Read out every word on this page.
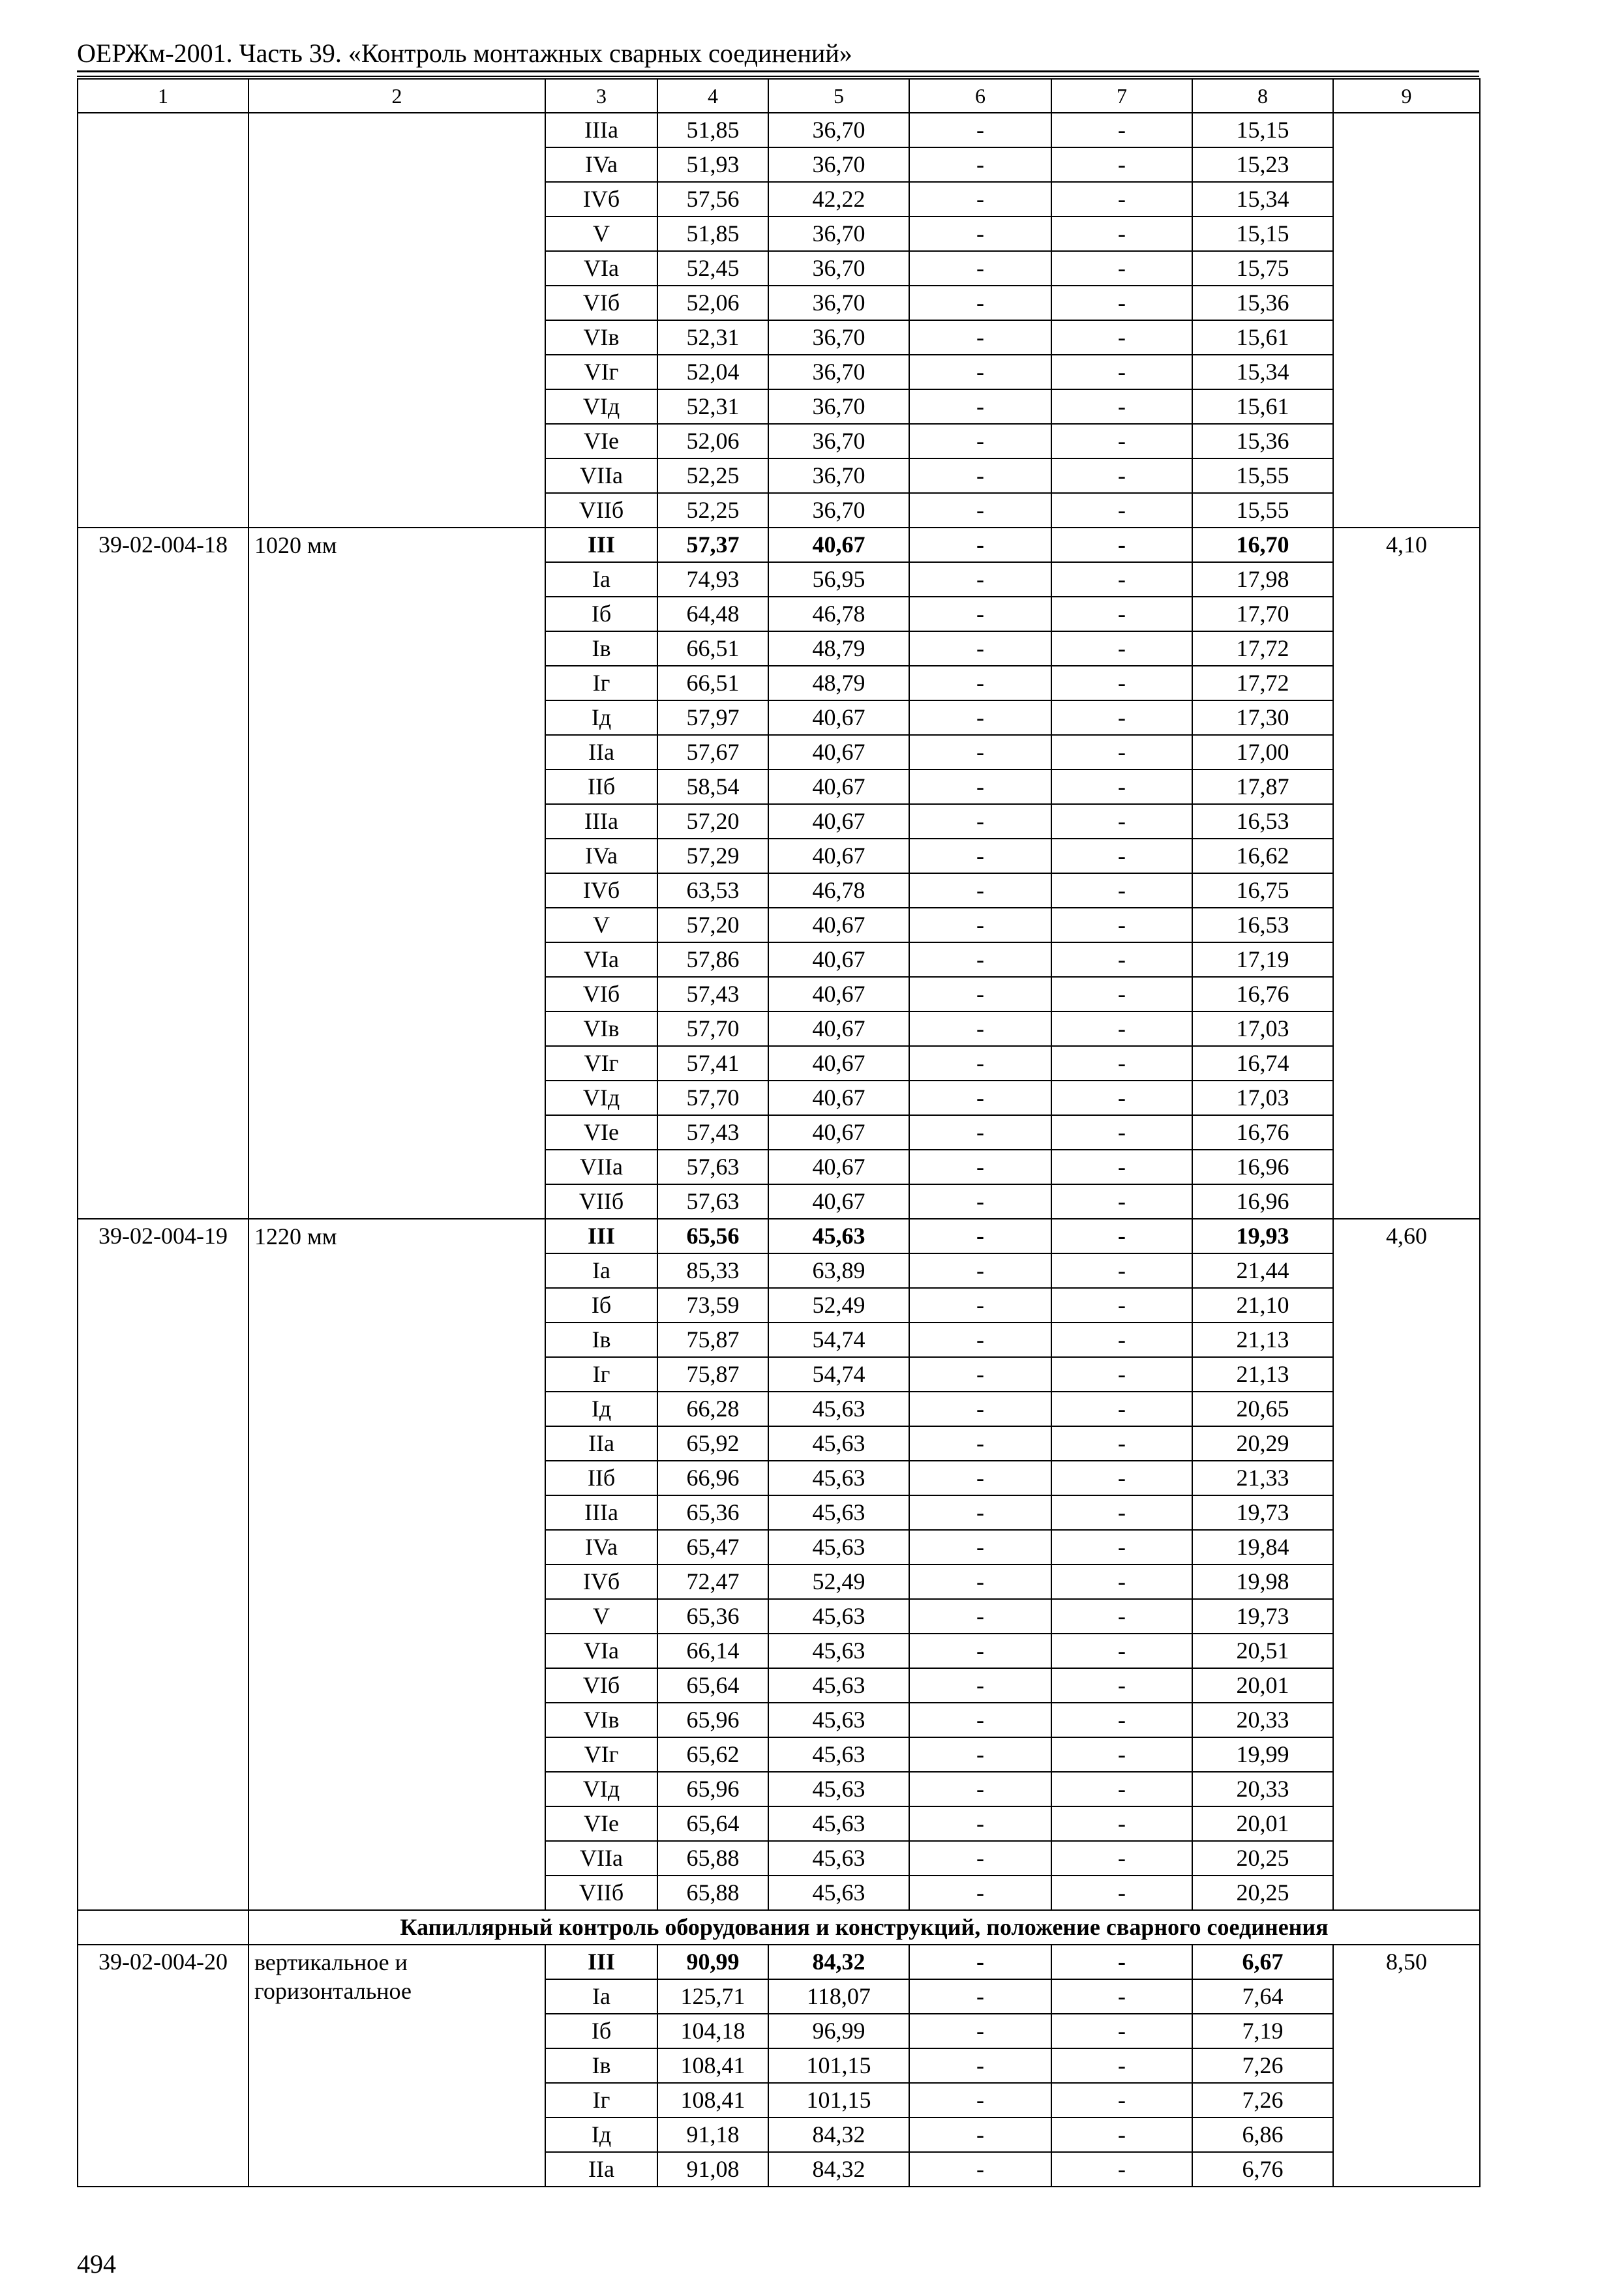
ОЕРЖм-2001. Часть 39. «Контроль монтажных сварных соединений»
1	2	3	4	5	6	7	8	9
		IIIa	51,85	36,70	-	-	15,15	
		IVa	51,93	36,70	-	-	15,23	
		IVб	57,56	42,22	-	-	15,34	
		V	51,85	36,70	-	-	15,15	
		VIa	52,45	36,70	-	-	15,75	
		VIб	52,06	36,70	-	-	15,36	
		VIв	52,31	36,70	-	-	15,61	
		VIг	52,04	36,70	-	-	15,34	
		VIд	52,31	36,70	-	-	15,61	
		VIe	52,06	36,70	-	-	15,36	
		VIIa	52,25	36,70	-	-	15,55	
		VIIб	52,25	36,70	-	-	15,55	
39-02-004-18	1020 мм	III	57,37	40,67	-	-	16,70	4,10
		Ia	74,93	56,95	-	-	17,98	
		Iб	64,48	46,78	-	-	17,70	
		Iв	66,51	48,79	-	-	17,72	
		Iг	66,51	48,79	-	-	17,72	
		Iд	57,97	40,67	-	-	17,30	
		IIa	57,67	40,67	-	-	17,00	
		IIб	58,54	40,67	-	-	17,87	
		IIIa	57,20	40,67	-	-	16,53	
		IVa	57,29	40,67	-	-	16,62	
		IVб	63,53	46,78	-	-	16,75	
		V	57,20	40,67	-	-	16,53	
		VIa	57,86	40,67	-	-	17,19	
		VIб	57,43	40,67	-	-	16,76	
		VIв	57,70	40,67	-	-	17,03	
		VIг	57,41	40,67	-	-	16,74	
		VIд	57,70	40,67	-	-	17,03	
		VIe	57,43	40,67	-	-	16,76	
		VIIa	57,63	40,67	-	-	16,96	
		VIIб	57,63	40,67	-	-	16,96	
39-02-004-19	1220 мм	III	65,56	45,63	-	-	19,93	4,60
		Ia	85,33	63,89	-	-	21,44	
		Iб	73,59	52,49	-	-	21,10	
		Iв	75,87	54,74	-	-	21,13	
		Iг	75,87	54,74	-	-	21,13	
		Iд	66,28	45,63	-	-	20,65	
		IIa	65,92	45,63	-	-	20,29	
		IIб	66,96	45,63	-	-	21,33	
		IIIa	65,36	45,63	-	-	19,73	
		IVa	65,47	45,63	-	-	19,84	
		IVб	72,47	52,49	-	-	19,98	
		V	65,36	45,63	-	-	19,73	
		VIa	66,14	45,63	-	-	20,51	
		VIб	65,64	45,63	-	-	20,01	
		VIв	65,96	45,63	-	-	20,33	
		VIг	65,62	45,63	-	-	19,99	
		VIд	65,96	45,63	-	-	20,33	
		VIe	65,64	45,63	-	-	20,01	
		VIIa	65,88	45,63	-	-	20,25	
		VIIб	65,88	45,63	-	-	20,25	
	Капиллярный контроль оборудования и конструкций, положение сварного соединения							
39-02-004-20	вертикальное и горизонтальное	III	90,99	84,32	-	-	6,67	8,50
		Ia	125,71	118,07	-	-	7,64	
		Iб	104,18	96,99	-	-	7,19	
		Iв	108,41	101,15	-	-	7,26	
		Iг	108,41	101,15	-	-	7,26	
		Iд	91,18	84,32	-	-	6,86	
		IIa	91,08	84,32	-	-	6,76	
494
